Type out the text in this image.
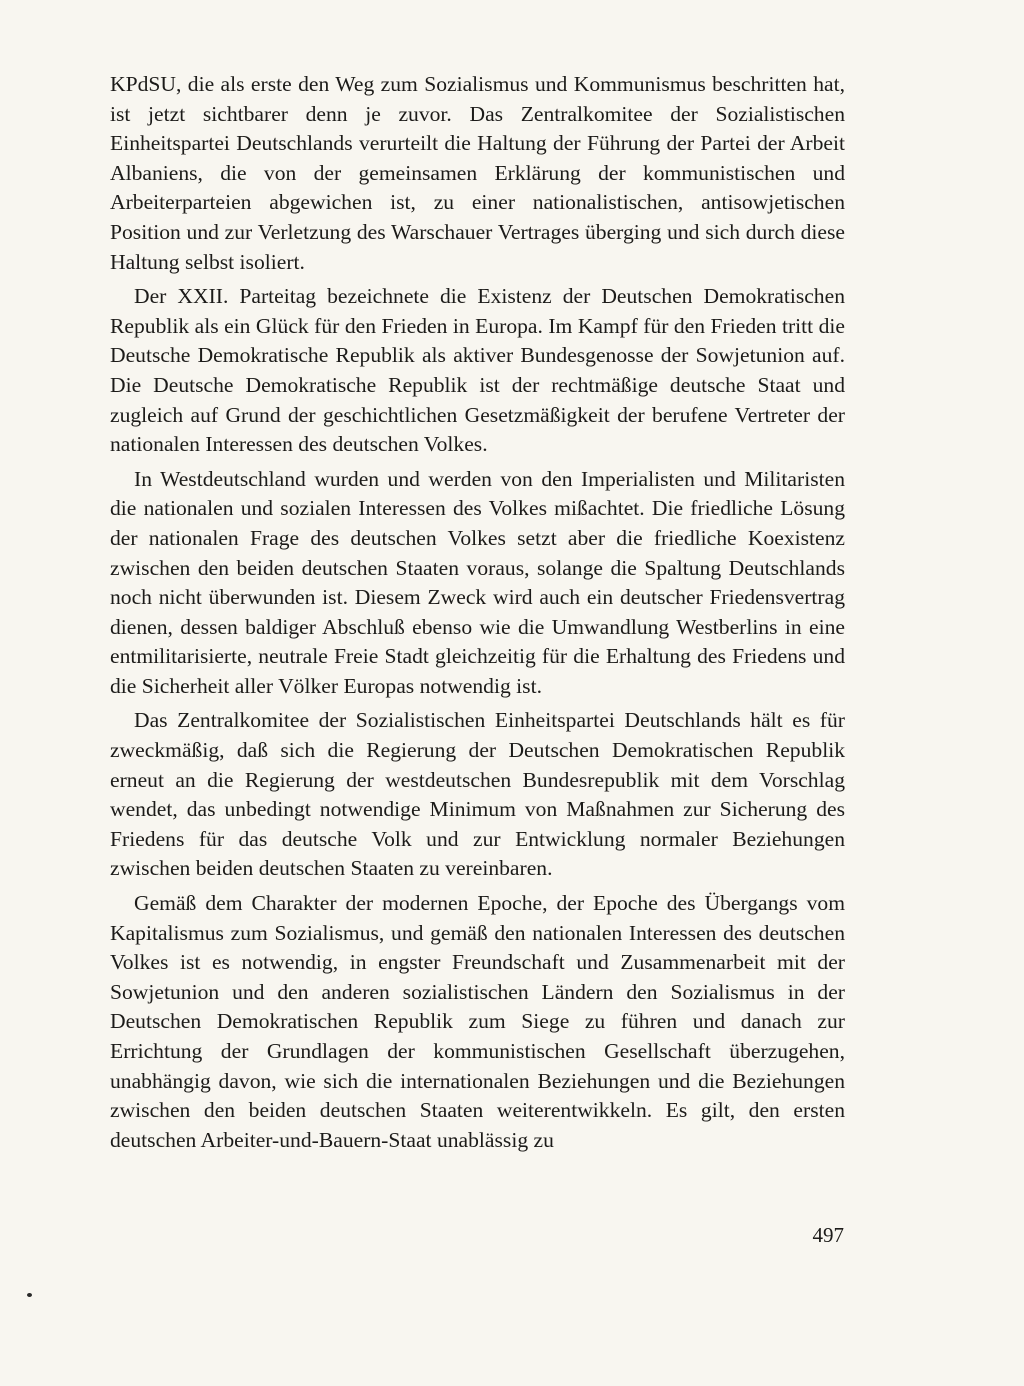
KPdSU, die als erste den Weg zum Sozialismus und Kommunismus beschritten hat, ist jetzt sichtbarer denn je zuvor. Das Zentralkomitee der Sozialistischen Einheitspartei Deutschlands verurteilt die Haltung der Führung der Partei der Arbeit Albaniens, die von der gemeinsamen Erklärung der kommunistischen und Arbeiterparteien abgewichen ist, zu einer nationalistischen, antisowjetischen Position und zur Verletzung des Warschauer Vertrages überging und sich durch diese Haltung selbst isoliert.

Der XXII. Parteitag bezeichnete die Existenz der Deutschen Demokratischen Republik als ein Glück für den Frieden in Europa. Im Kampf für den Frieden tritt die Deutsche Demokratische Republik als aktiver Bundesgenosse der Sowjetunion auf. Die Deutsche Demokratische Republik ist der rechtmäßige deutsche Staat und zugleich auf Grund der geschichtlichen Gesetzmäßigkeit der berufene Vertreter der nationalen Interessen des deutschen Volkes.

In Westdeutschland wurden und werden von den Imperialisten und Militaristen die nationalen und sozialen Interessen des Volkes mißachtet. Die friedliche Lösung der nationalen Frage des deutschen Volkes setzt aber die friedliche Koexistenz zwischen den beiden deutschen Staaten voraus, solange die Spaltung Deutschlands noch nicht überwunden ist. Diesem Zweck wird auch ein deutscher Friedensvertrag dienen, dessen baldiger Abschluß ebenso wie die Umwandlung Westberlins in eine entmilitarisierte, neutrale Freie Stadt gleichzeitig für die Erhaltung des Friedens und die Sicherheit aller Völker Europas notwendig ist.

Das Zentralkomitee der Sozialistischen Einheitspartei Deutschlands hält es für zweckmäßig, daß sich die Regierung der Deutschen Demokratischen Republik erneut an die Regierung der westdeutschen Bundesrepublik mit dem Vorschlag wendet, das unbedingt notwendige Minimum von Maßnahmen zur Sicherung des Friedens für das deutsche Volk und zur Entwicklung normaler Beziehungen zwischen beiden deutschen Staaten zu vereinbaren.

Gemäß dem Charakter der modernen Epoche, der Epoche des Übergangs vom Kapitalismus zum Sozialismus, und gemäß den nationalen Interessen des deutschen Volkes ist es notwendig, in engster Freundschaft und Zusammenarbeit mit der Sowjetunion und den anderen sozialistischen Ländern den Sozialismus in der Deutschen Demokratischen Republik zum Siege zu führen und danach zur Errichtung der Grundlagen der kommunistischen Gesellschaft überzugehen, unabhängig davon, wie sich die internationalen Beziehungen und die Beziehungen zwischen den beiden deutschen Staaten weiterentwikkeln. Es gilt, den ersten deutschen Arbeiter-und-Bauern-Staat unablässig zu

497
